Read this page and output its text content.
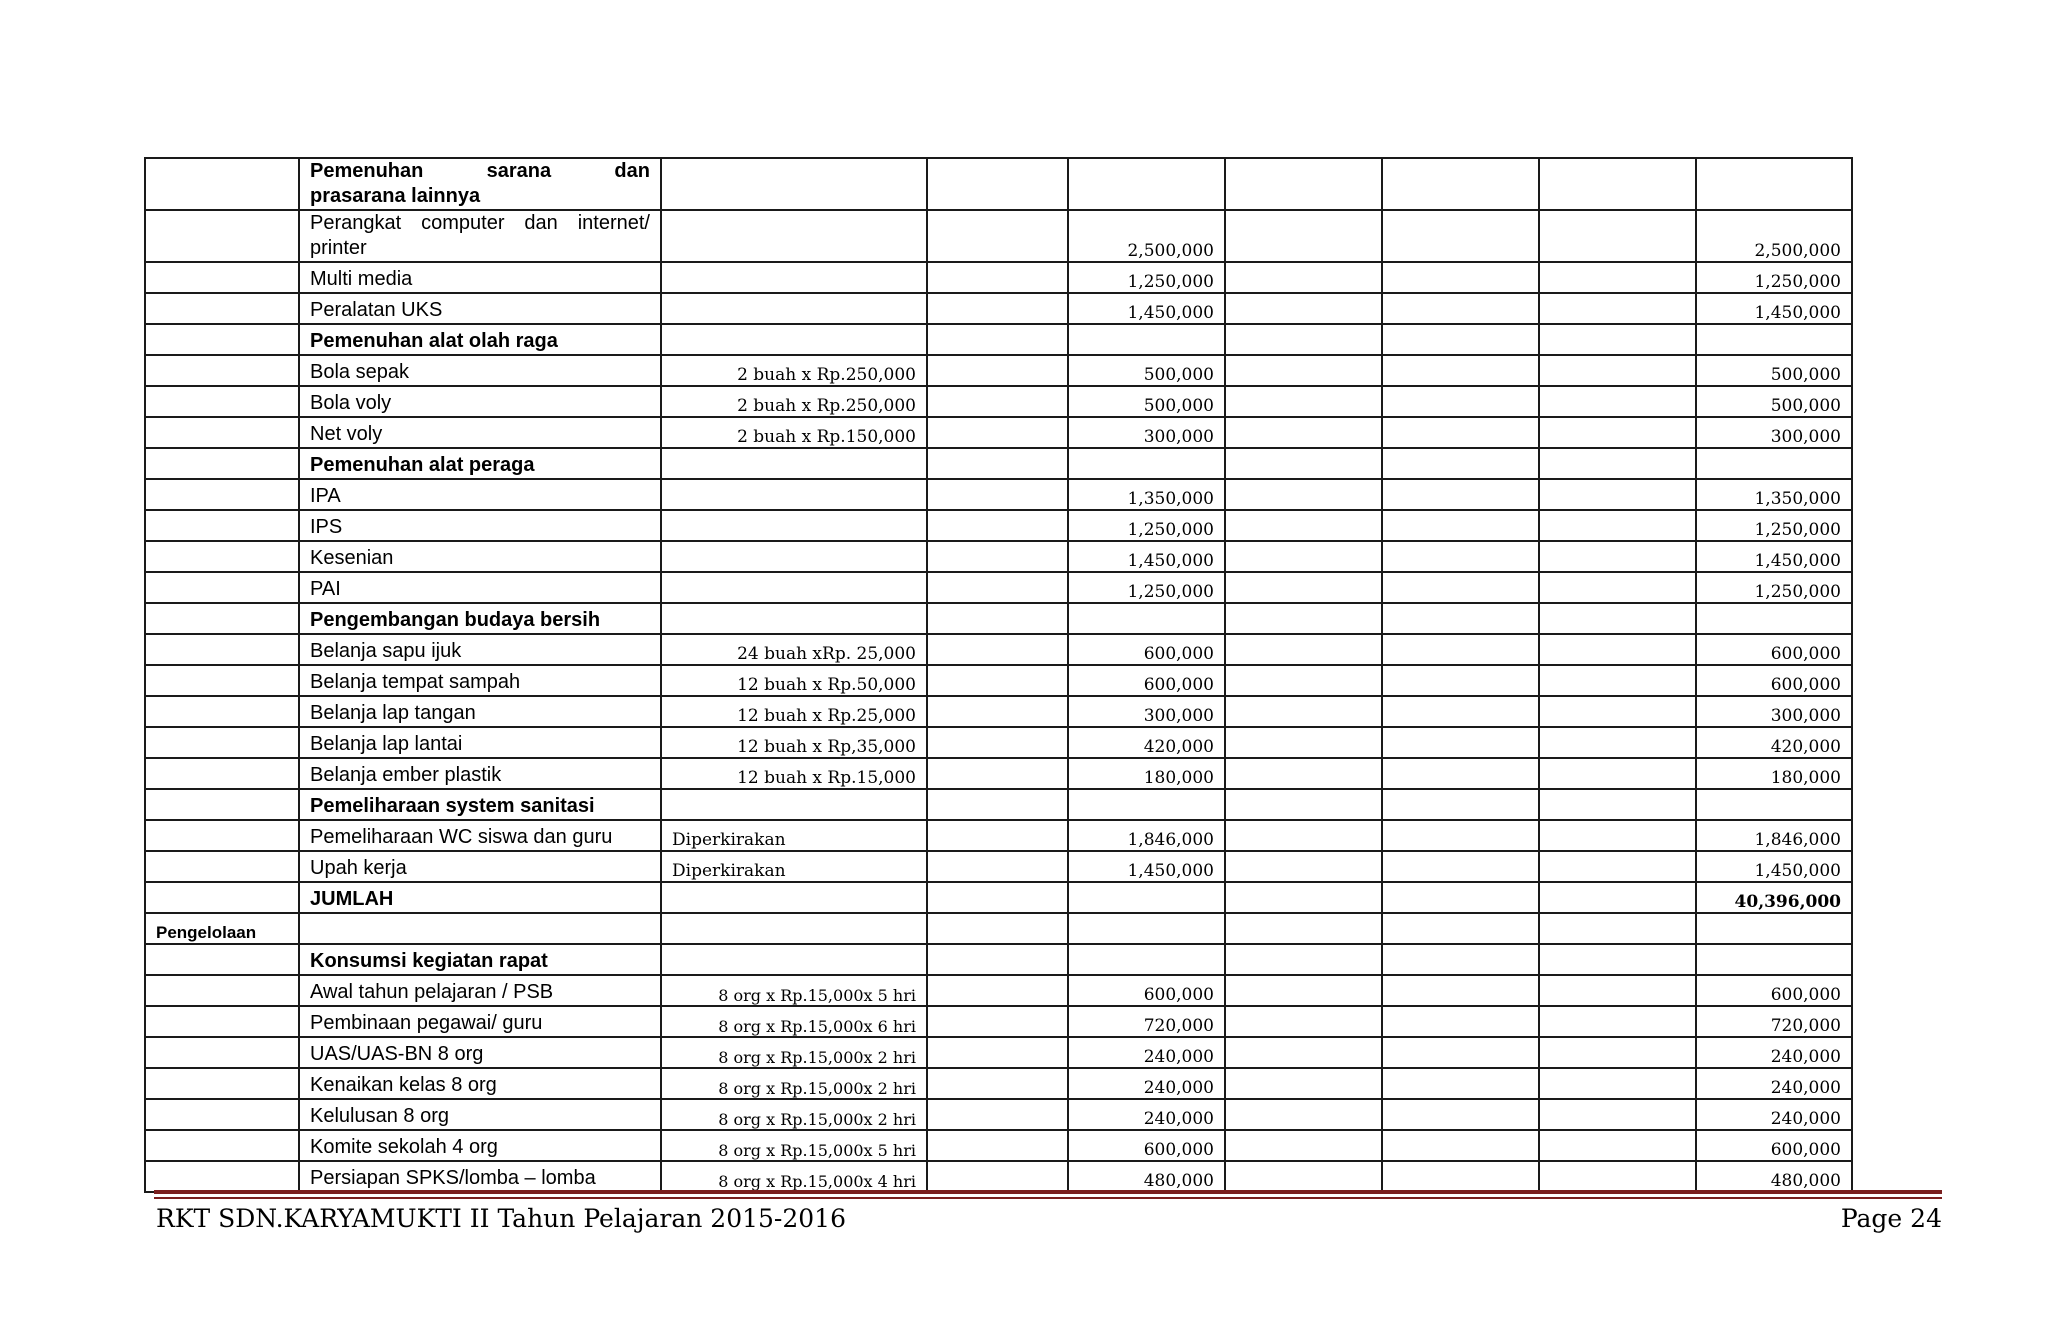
	Pemenuhan sarana dan
prasarana lainnya							

	Perangkat computer dan internet/
printer			2,500,000				2,500,000
	Multi media			1,250,000				1,250,000
	Peralatan UKS			1,450,000				1,450,000
	Pemenuhan alat olah raga							
	Bola sepak	2 buah x Rp.250,000		500,000				500,000
	Bola voly	2 buah x Rp.250,000		500,000				500,000
	Net voly	2 buah x Rp.150,000		300,000				300,000
	Pemenuhan alat peraga							
	IPA			1,350,000				1,350,000
	IPS			1,250,000				1,250,000
	Kesenian			1,450,000				1,450,000
	PAI			1,250,000				1,250,000
	Pengembangan budaya bersih							
	Belanja sapu ijuk	24 buah xRp. 25,000		600,000				600,000
	Belanja tempat sampah	12 buah x Rp.50,000		600,000				600,000
	Belanja lap tangan	12 buah x Rp.25,000		300,000				300,000
	Belanja lap lantai	12 buah x Rp,35,000		420,000				420,000
	Belanja ember plastik	12 buah x Rp.15,000		180,000				180,000
	Pemeliharaan system sanitasi							
	Pemeliharaan WC siswa dan guru	Diperkirakan		1,846,000				1,846,000
	Upah kerja	Diperkirakan		1,450,000				1,450,000
	JUMLAH							40,396,000
Pengelolaan								
	Konsumsi kegiatan rapat							
	Awal tahun pelajaran / PSB	8 org x Rp.15,000x 5 hri		600,000				600,000
	Pembinaan pegawai/ guru	8 org x Rp.15,000x 6 hri		720,000				720,000
	UAS/UAS-BN 8 org	8 org x Rp.15,000x 2 hri		240,000				240,000
	Kenaikan kelas 8 org	8 org x Rp.15,000x 2 hri		240,000				240,000
	Kelulusan 8 org	8 org x Rp.15,000x 2 hri		240,000				240,000
	Komite sekolah 4 org	8 org x Rp.15,000x 5 hri		600,000				600,000
	Persiapan SPKS/lomba – lomba	8 org x Rp.15,000x 4 hri		480,000				480,000
RKT SDN.KARYAMUKTI II Tahun Pelajaran 2015-2016	Page 24
